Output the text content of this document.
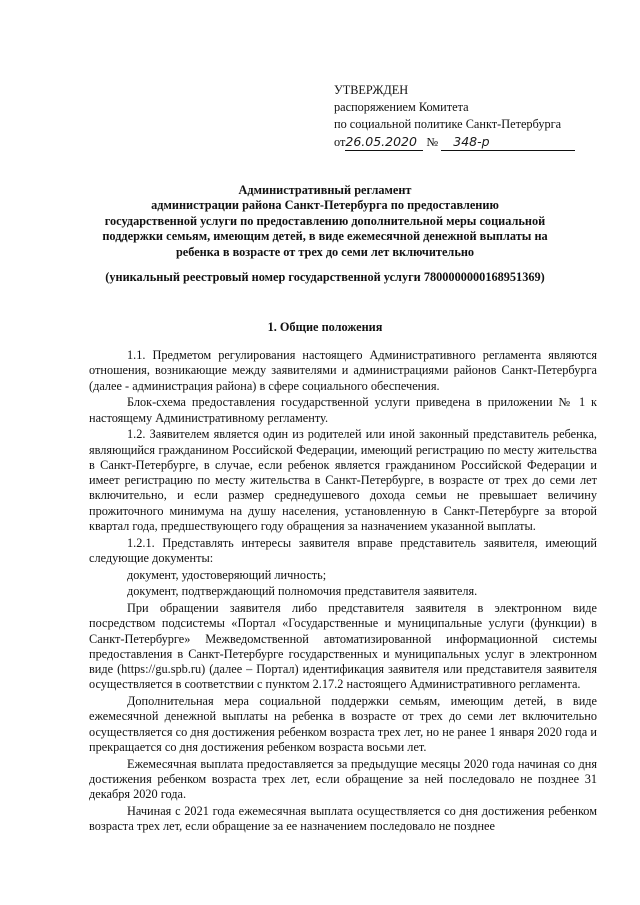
УТВЕРЖДЕН
распоряжением Комитета
по социальной политике Санкт-Петербурга
от26.05.2020 № 348-р
Административный регламент
администрации района Санкт-Петербурга по предоставлению
государственной услуги по предоставлению дополнительной меры социальной
поддержки семьям, имеющим детей, в виде ежемесячной денежной выплаты на
ребенка в возрасте от трех до семи лет включительно
(уникальный реестровый номер государственной услуги 7800000000168951369)
1. Общие положения

1.1. Предметом регулирования настоящего Административного регламента являются отношения, возникающие между заявителями и администрациями районов Санкт-Петербурга (далее - администрация района) в сфере социального обеспечения.

Блок-схема предоставления государственной услуги приведена в приложении № 1 к настоящему Административному регламенту.

1.2. Заявителем является один из родителей или иной законный представитель ребенка, являющийся гражданином Российской Федерации, имеющий регистрацию по месту жительства в Санкт-Петербурге, в случае, если ребенок является гражданином Российской Федерации и имеет регистрацию по месту жительства в Санкт-Петербурге, в возрасте от трех до семи лет включительно, и если размер среднедушевого дохода семьи не превышает величину прожиточного минимума на душу населения, установленную в Санкт-Петербурге за второй квартал года, предшествующего году обращения за назначением указанной выплаты.

1.2.1. Представлять интересы заявителя вправе представитель заявителя, имеющий следующие документы:

документ, удостоверяющий личность;

документ, подтверждающий полномочия представителя заявителя.

При обращении заявителя либо представителя заявителя в электронном виде посредством подсистемы «Портал «Государственные и муниципальные услуги (функции) в Санкт-Петербурге» Межведомственной автоматизированной информационной системы предоставления в Санкт-Петербурге государственных и муниципальных услуг в электронном виде (https://gu.spb.ru) (далее – Портал) идентификация заявителя или представителя заявителя осуществляется в соответствии с пунктом 2.17.2 настоящего Административного регламента.

Дополнительная мера социальной поддержки семьям, имеющим детей, в виде ежемесячной денежной выплаты на ребенка в возрасте от трех до семи лет включительно осуществляется со дня достижения ребенком возраста трех лет, но не ранее 1 января 2020 года и прекращается со дня достижения ребенком возраста восьми лет.

Ежемесячная выплата предоставляется за предыдущие месяцы 2020 года начиная со дня достижения ребенком возраста трех лет, если обращение за ней последовало не позднее 31 декабря 2020 года.

Начиная с 2021 года ежемесячная выплата осуществляется со дня достижения ребенком возраста трех лет, если обращение за ее назначением последовало не позднее
